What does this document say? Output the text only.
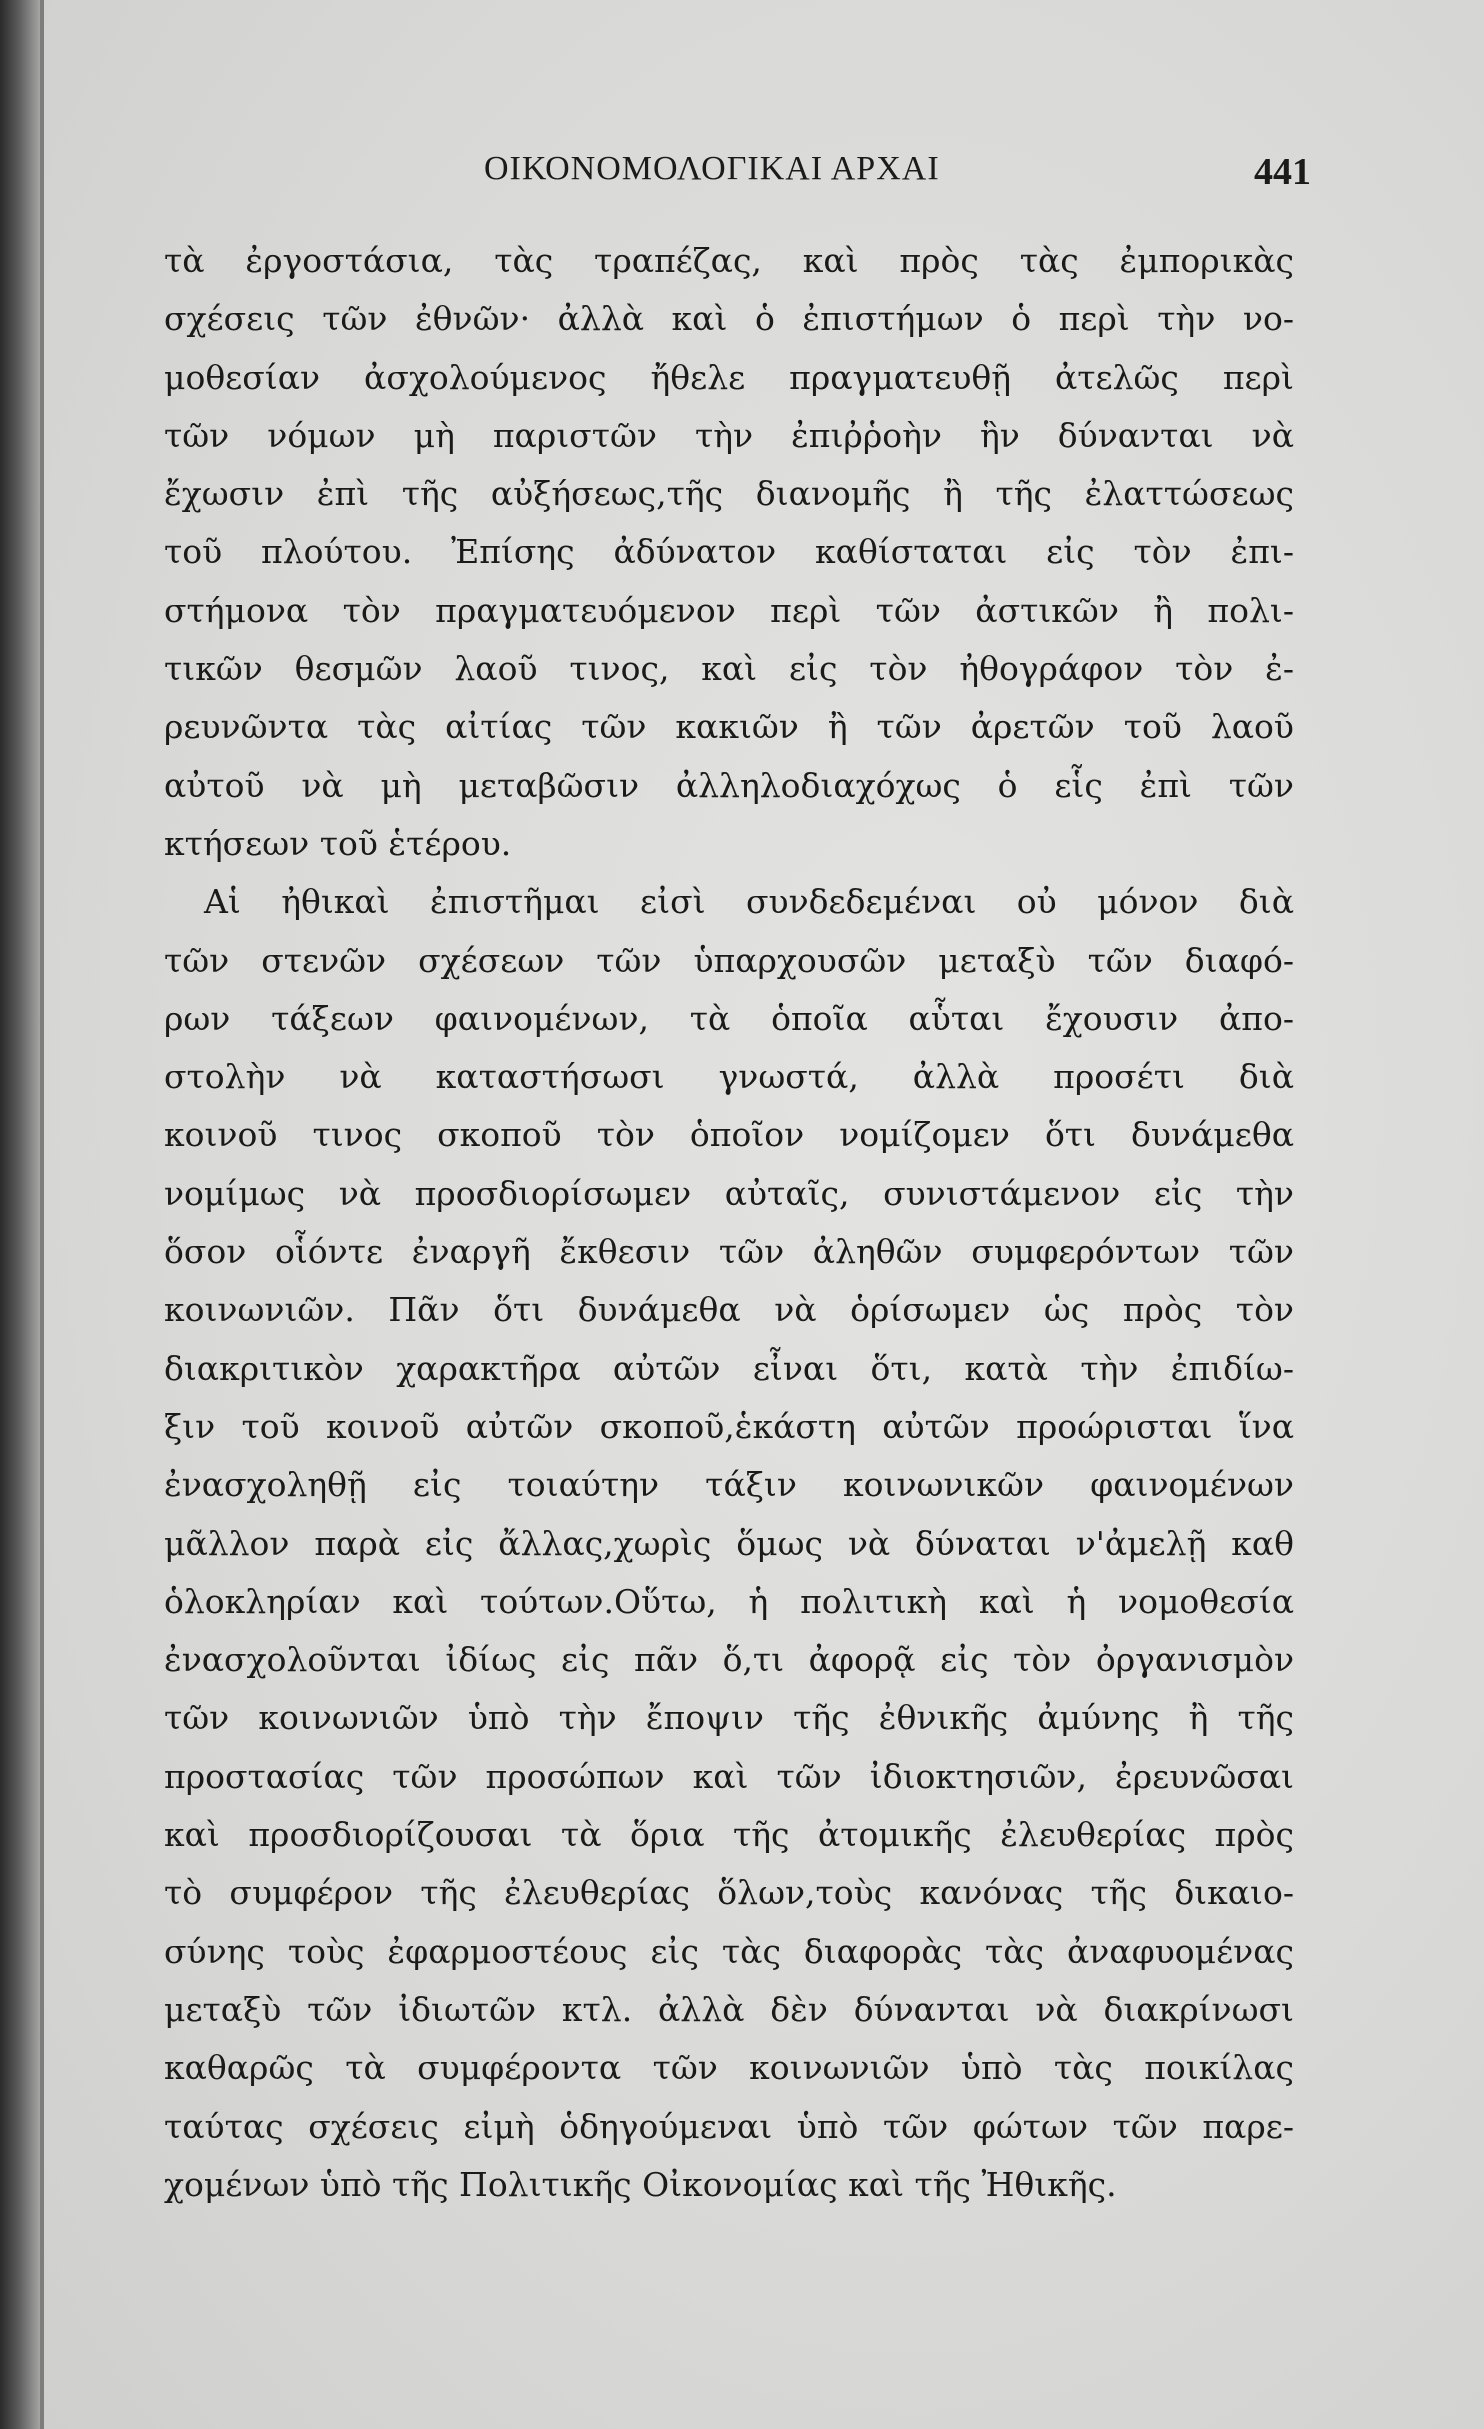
ΟΙΚΟΝΟΜΟΛΟΓΙΚΑΙ ΑΡΧΑΙ	441
τὰ ἐργοστάσια, τὰς τραπέζας, καὶ πρὸς τὰς ἐμπορικὰς
σχέσεις τῶν ἐθνῶν· ἀλλὰ καὶ ὁ ἐπιστήμων ὁ περὶ τὴν νο-
μοθεσίαν ἀσχολούμενος ἤθελε πραγματευθῇ ἀτελῶς περὶ
τῶν νόμων μὴ παριστῶν τὴν ἐπιῤῥοὴν ἣν δύνανται νὰ
ἔχωσιν ἐπὶ τῆς αὐξήσεως,τῆς διανομῆς ἢ τῆς ἐλαττώσεως
τοῦ πλούτου. Ἐπίσης ἀδύνατον καθίσταται εἰς τὸν ἐπι-
στήμονα τὸν πραγματευόμενον περὶ τῶν ἀστικῶν ἢ πολι-
τικῶν θεσμῶν λαοῦ τινος, καὶ εἰς τὸν ἠθογράφον τὸν ἐ-
ρευνῶντα τὰς αἰτίας τῶν κακιῶν ἢ τῶν ἀρετῶν τοῦ λαοῦ
αὐτοῦ νὰ μὴ μεταβῶσιν ἀλληλοδιαχόχως ὁ εἷς ἐπὶ τῶν
κτήσεων τοῦ ἑτέρου.
Αἱ ἠθικαὶ ἐπιστῆμαι εἰσὶ συνδεδεμέναι οὐ μόνον διὰ
τῶν στενῶν σχέσεων τῶν ὑπαρχουσῶν μεταξὺ τῶν διαφό-
ρων τάξεων φαινομένων, τὰ ὁποῖα αὗται ἔχουσιν ἀπο-
στολὴν νὰ καταστήσωσι γνωστά, ἀλλὰ προσέτι διὰ
κοινοῦ τινος σκοποῦ τὸν ὁποῖον νομίζομεν ὅτι δυνάμεθα
νομίμως νὰ προσδιορίσωμεν αὐταῖς, συνιστάμενον εἰς τὴν
ὅσον οἷόντε ἐναργῆ ἔκθεσιν τῶν ἀληθῶν συμφερόντων τῶν
κοινωνιῶν. Πᾶν ὅτι δυνάμεθα νὰ ὁρίσωμεν ὡς πρὸς τὸν
διακριτικὸν χαρακτῆρα αὐτῶν εἶναι ὅτι, κατὰ τὴν ἐπιδίω-
ξιν τοῦ κοινοῦ αὐτῶν σκοποῦ,ἑκάστη αὐτῶν προώρισται ἵνα
ἐνασχοληθῇ εἰς τοιαύτην τάξιν κοινωνικῶν φαινομένων
μᾶλλον παρὰ εἰς ἄλλας,χωρὶς ὅμως νὰ δύναται ν'ἀμελῇ καθ
ὁλοκληρίαν καὶ τούτων.Οὕτω, ἡ πολιτικὴ καὶ ἡ νομοθεσία
ἐνασχολοῦνται ἰδίως εἰς πᾶν ὅ,τι ἀφορᾷ εἰς τὸν ὀργανισμὸν
τῶν κοινωνιῶν ὑπὸ τὴν ἔποψιν τῆς ἐθνικῆς ἀμύνης ἢ τῆς
προστασίας τῶν προσώπων καὶ τῶν ἰδιοκτησιῶν, ἐρευνῶσαι
καὶ προσδιορίζουσαι τὰ ὅρια τῆς ἀτομικῆς ἐλευθερίας πρὸς
τὸ συμφέρον τῆς ἐλευθερίας ὅλων,τοὺς κανόνας τῆς δικαιο-
σύνης τοὺς ἐφαρμοστέους εἰς τὰς διαφορὰς τὰς ἀναφυομένας
μεταξὺ τῶν ἰδιωτῶν κτλ. ἀλλὰ δὲν δύνανται νὰ διακρίνωσι
καθαρῶς τὰ συμφέροντα τῶν κοινωνιῶν ὑπὸ τὰς ποικίλας
ταύτας σχέσεις εἰμὴ ὁδηγούμεναι ὑπὸ τῶν φώτων τῶν παρε-
χομένων ὑπὸ τῆς Πολιτικῆς Οἰκονομίας καὶ τῆς Ἠθικῆς.
